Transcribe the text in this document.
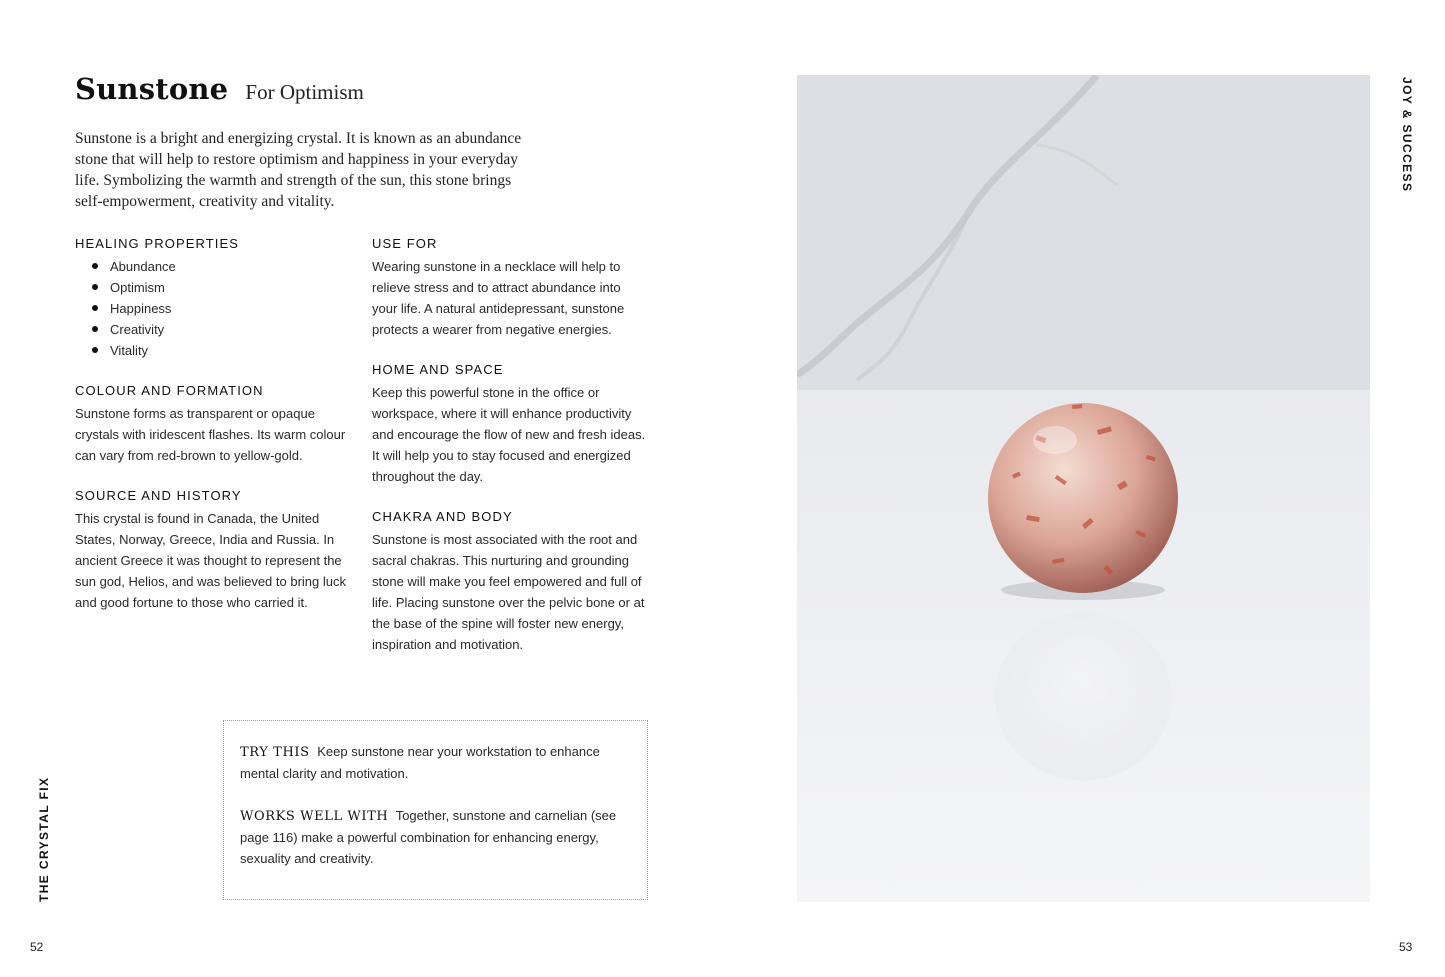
Sunstone For Optimism

Sunstone is a bright and energizing crystal. It is known as an abundance stone that will help to restore optimism and happiness in your everyday life. Symbolizing the warmth and strength of the sun, this stone brings self-empowerment, creativity and vitality.

HEALING PROPERTIES
Abundance
Optimism
Happiness
Creativity
Vitality
COLOUR AND FORMATION

Sunstone forms as transparent or opaque crystals with iridescent flashes. Its warm colour can vary from red-brown to yellow-gold.

SOURCE AND HISTORY

This crystal is found in Canada, the United States, Norway, Greece, India and Russia. In ancient Greece it was thought to represent the sun god, Helios, and was believed to bring luck and good fortune to those who carried it.

USE FOR

Wearing sunstone in a necklace will help to relieve stress and to attract abundance into your life. A natural antidepressant, sunstone protects a wearer from negative energies.

HOME AND SPACE

Keep this powerful stone in the office or workspace, where it will enhance productivity and encourage the flow of new and fresh ideas. It will help you to stay focused and energized throughout the day.

CHAKRA AND BODY

Sunstone is most associated with the root and sacral chakras. This nurturing and grounding stone will make you feel empowered and full of life. Placing sunstone over the pelvic bone or at the base of the spine will foster new energy, inspiration and motivation.

TRY THIS Keep sunstone near your workstation to enhance mental clarity and motivation.

WORKS WELL WITH Together, sunstone and carnelian (see page 116) make a powerful combination for enhancing energy, sexuality and creativity.

THE CRYSTAL FIX
52
JOY & SUCCESS
53
